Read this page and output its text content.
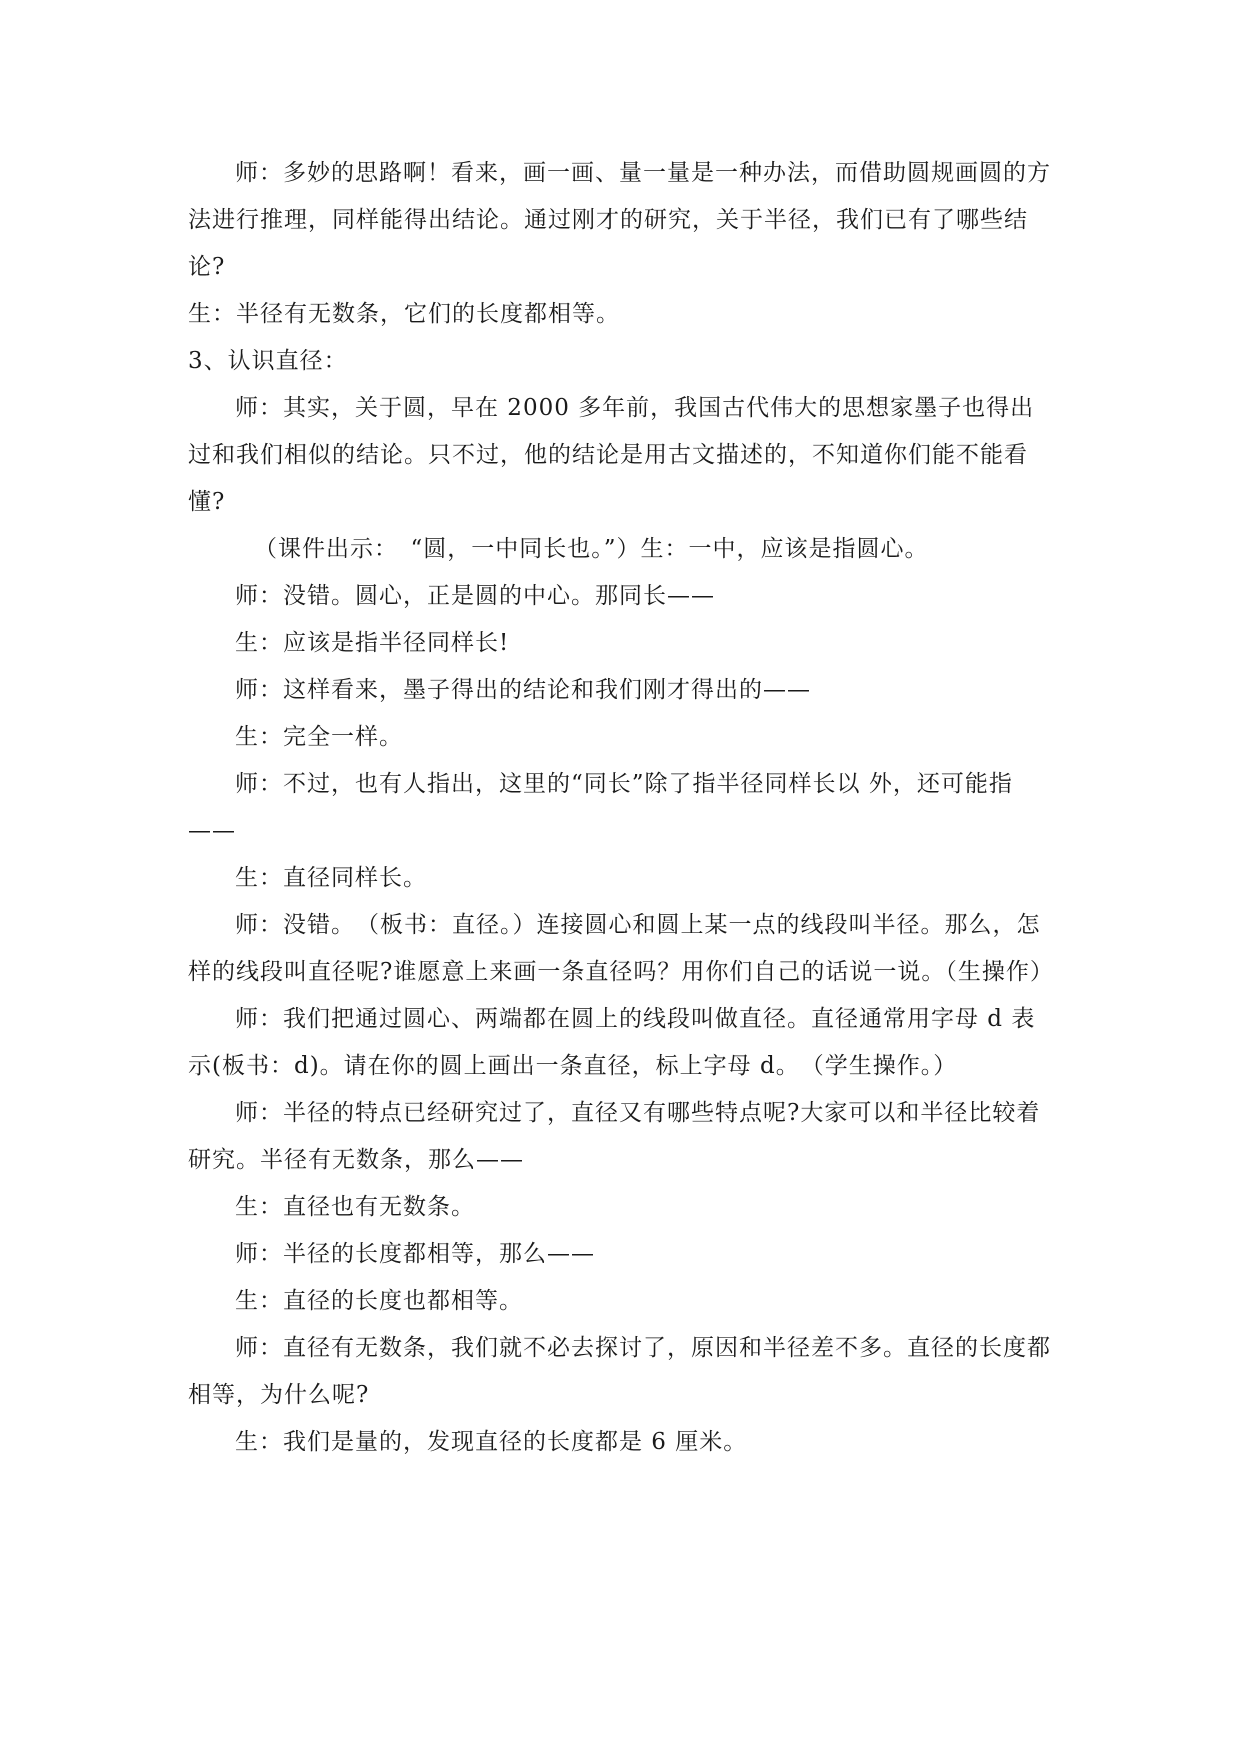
师：多妙的思路啊！看来，画一画、量一量是一种办法，而借助圆规画圆的方法进行推理，同样能得出结论。通过刚才的研究，关于半径，我们已有了哪些结论?

生：半径有无数条，它们的长度都相等。

3、认识直径：

师：其实，关于圆，早在 2000 多年前，我国古代伟大的思想家墨子也得出过和我们相似的结论。只不过，他的结论是用古文描述的，不知道你们能不能看懂?

（课件出示：　“圆，一中同长也。”）生：一中，应该是指圆心。

师：没错。圆心，正是圆的中心。那同长——

生：应该是指半径同样长!

师：这样看来，墨子得出的结论和我们刚才得出的——

生：完全一样。

师：不过，也有人指出，这里的“同长”除了指半径同样长以 外，还可能指——

生：直径同样长。

师：没错。　（板书：直径。）连接圆心和圆上某一点的线段叫半径。那么，怎样的线段叫直径呢?谁愿意上来画一条直径吗？用你们自己的话说一说。（生操作）

师：我们把通过圆心、两端都在圆上的线段叫做直径。直径通常用字母 d 表示(板书：d)。请在你的圆上画出一条直径，标上字母 d。　（学生操作。）

师：半径的特点已经研究过了，直径又有哪些特点呢?大家可以和半径比较着研究。半径有无数条，那么——

生：直径也有无数条。

师：半径的长度都相等，那么——

生：直径的长度也都相等。

师：直径有无数条，我们就不必去探讨了，原因和半径差不多。直径的长度都相等，为什么呢?

生：我们是量的，发现直径的长度都是 6 厘米。
